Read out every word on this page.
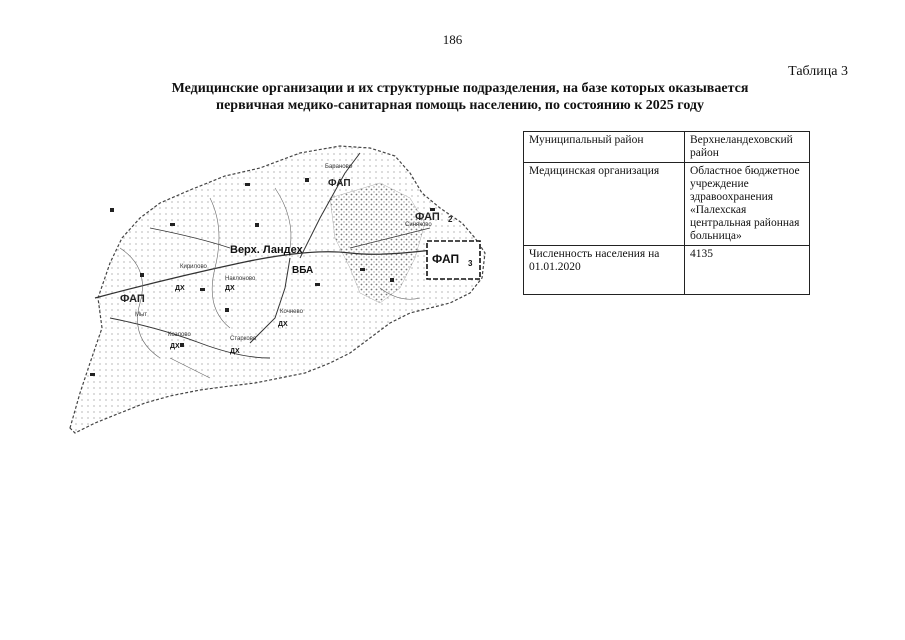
186
Таблица 3
Медицинские организации и их структурные подразделения, на базе которых оказывается
первичная медико-санитарная помощь населению, по состоянию к 2025 году
Бараново
Синяково
Мыт
Наклоново
Козлово
Кирилово
Старково
Кочнево
Верх. Ландех
ВБА
ФАП
ФАП 2
ФАП
ФАП 3
ДХ	ДХ
ДХ
ДХ
ДХ
Муниципальный район	Верхнеландеховский район
Медицинская организация	Областное бюджетное учреждение здравоохранения «Палехская центральная районная больница»
Численность населения на 01.01.2020	4135
